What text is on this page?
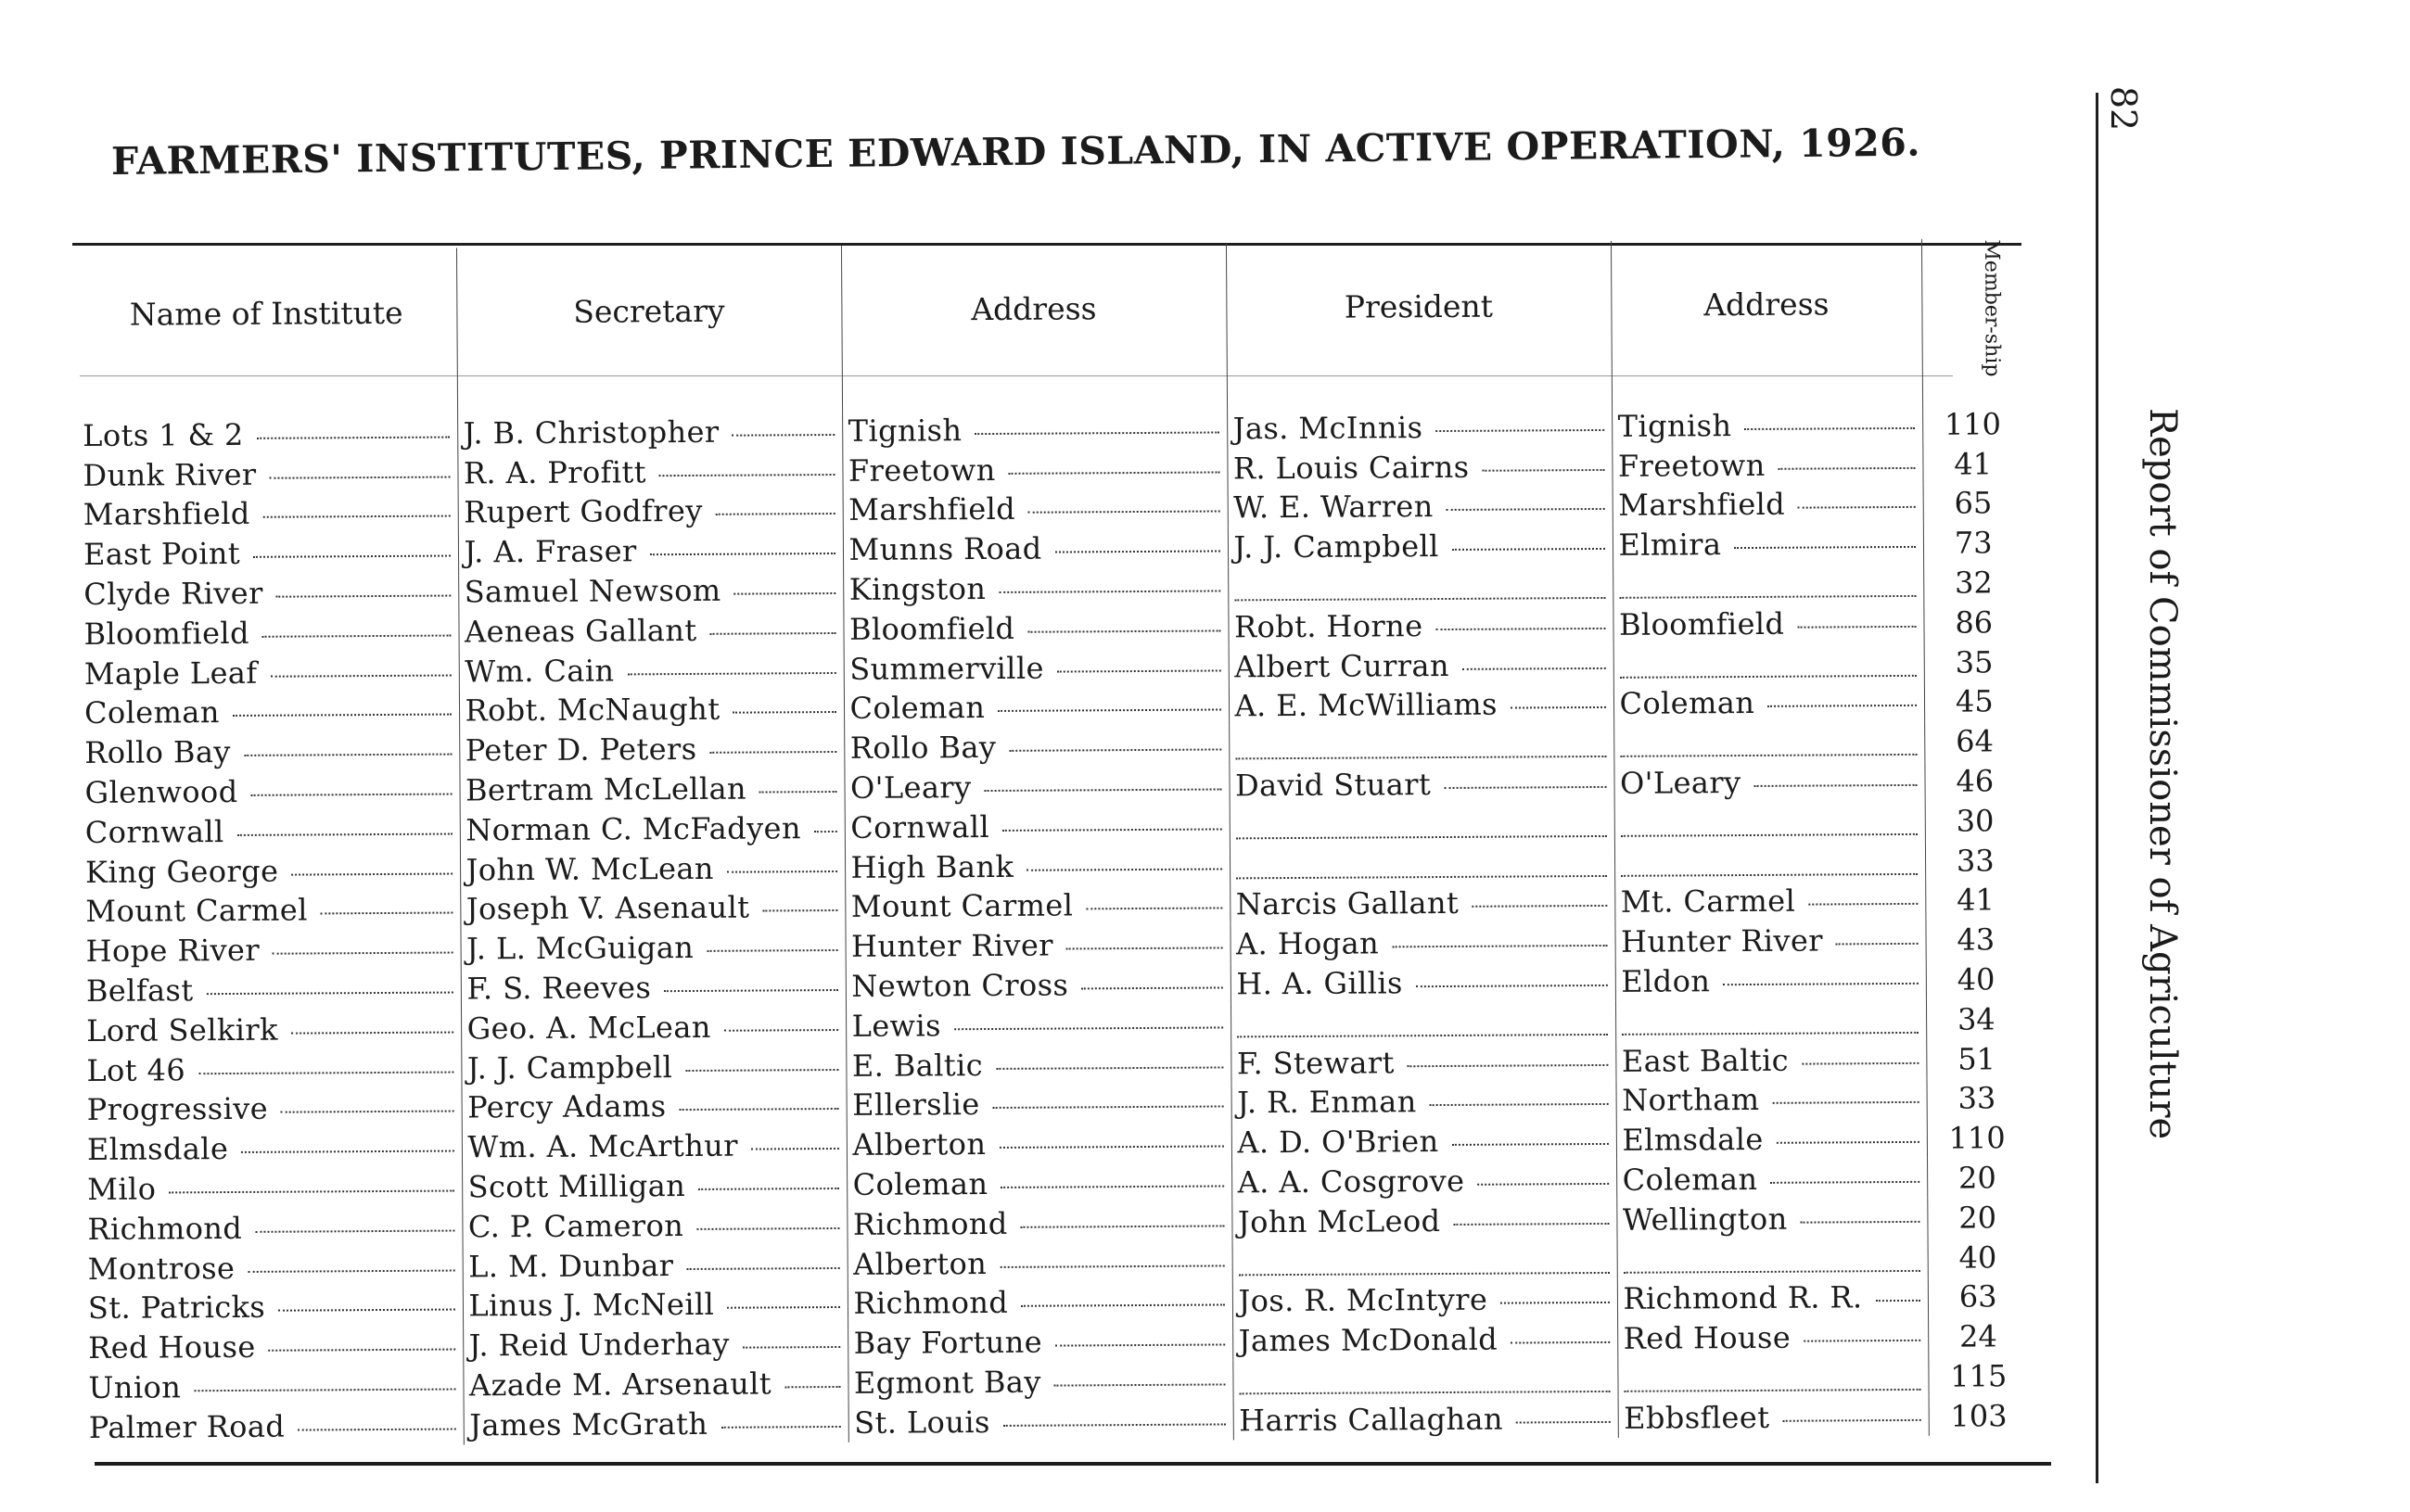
82
Report of Commissioner of Agriculture
FARMERS' INSTITUTES, PRINCE EDWARD ISLAND, IN ACTIVE OPERATION, 1926.
Name of Institute	Secretary	Address	President	Address	Member-ship

Lots 1 & 2	J. B. Christopher	Tignish	Jas. McInnis	Tignish	110

Dunk River	R. A. Profitt	Freetown	R. Louis Cairns	Freetown	41

Marshfield	Rupert Godfrey	Marshfield	W. E. Warren	Marshfield	65

East Point	J. A. Fraser	Munns Road	J. J. Campbell	Elmira	73

Clyde River	Samuel Newsom	Kingston			32

Bloomfield	Aeneas Gallant	Bloomfield	Robt. Horne	Bloomfield	86

Maple Leaf	Wm. Cain	Summerville	Albert Curran		35

Coleman	Robt. McNaught	Coleman	A. E. McWilliams	Coleman	45

Rollo Bay	Peter D. Peters	Rollo Bay			64

Glenwood	Bertram McLellan	O'Leary	David Stuart	O'Leary	46

Cornwall	Norman C. McFadyen	Cornwall			30

King George	John W. McLean	High Bank			33

Mount Carmel	Joseph V. Asenault	Mount Carmel	Narcis Gallant	Mt. Carmel	41

Hope River	J. L. McGuigan	Hunter River	A. Hogan	Hunter River	43

Belfast	F. S. Reeves	Newton Cross	H. A. Gillis	Eldon	40

Lord Selkirk	Geo. A. McLean	Lewis			34

Lot 46	J. J. Campbell	E. Baltic	F. Stewart	East Baltic	51

Progressive	Percy Adams	Ellerslie	J. R. Enman	Northam	33

Elmsdale	Wm. A. McArthur	Alberton	A. D. O'Brien	Elmsdale	110

Milo	Scott Milligan	Coleman	A. A. Cosgrove	Coleman	20

Richmond	C. P. Cameron	Richmond	John McLeod	Wellington	20

Montrose	L. M. Dunbar	Alberton			40

St. Patricks	Linus J. McNeill	Richmond	Jos. R. McIntyre	Richmond R. R.	63

Red House	J. Reid Underhay	Bay Fortune	James McDonald	Red House	24

Union	Azade M. Arsenault	Egmont Bay			115

Palmer Road	James McGrath	St. Louis	Harris Callaghan	Ebbsfleet	103
